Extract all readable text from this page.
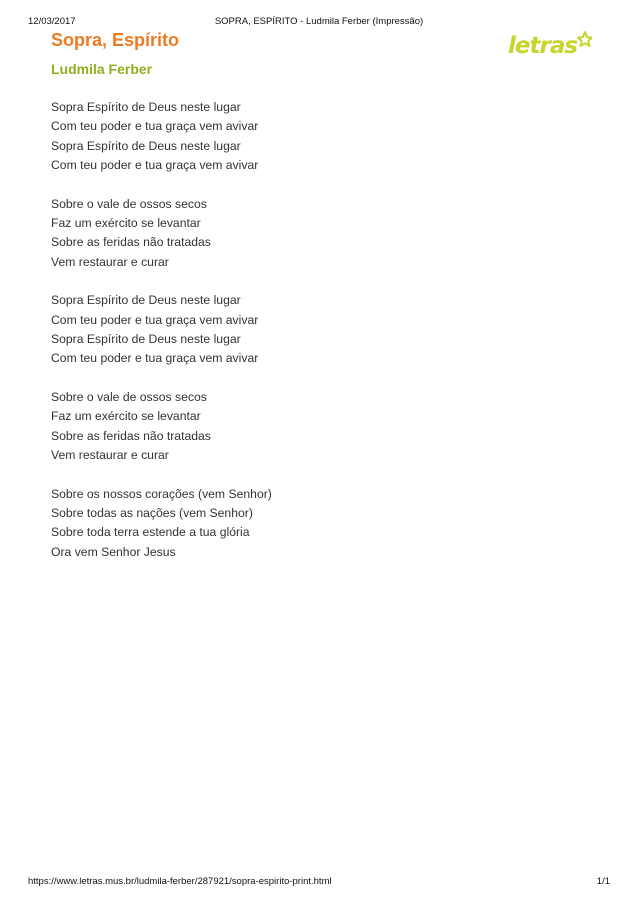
12/03/2017	SOPRA, ESPÍRITO - Ludmila Ferber (Impressão)
Sopra, Espírito
Ludmila Ferber
letras
Sopra Espírito de Deus neste lugar
Com teu poder e tua graça vem avivar
Sopra Espírito de Deus neste lugar
Com teu poder e tua graça vem avivar
Sobre o vale de ossos secos
Faz um exército se levantar
Sobre as feridas não tratadas
Vem restaurar e curar
Sopra Espírito de Deus neste lugar
Com teu poder e tua graça vem avivar
Sopra Espírito de Deus neste lugar
Com teu poder e tua graça vem avivar
Sobre o vale de ossos secos
Faz um exército se levantar
Sobre as feridas não tratadas
Vem restaurar e curar
Sobre os nossos corações (vem Senhor)
Sobre todas as nações (vem Senhor)
Sobre toda terra estende a tua glória
Ora vem Senhor Jesus
https://www.letras.mus.br/ludmila-ferber/287921/sopra-espirito-print.html	1/1
